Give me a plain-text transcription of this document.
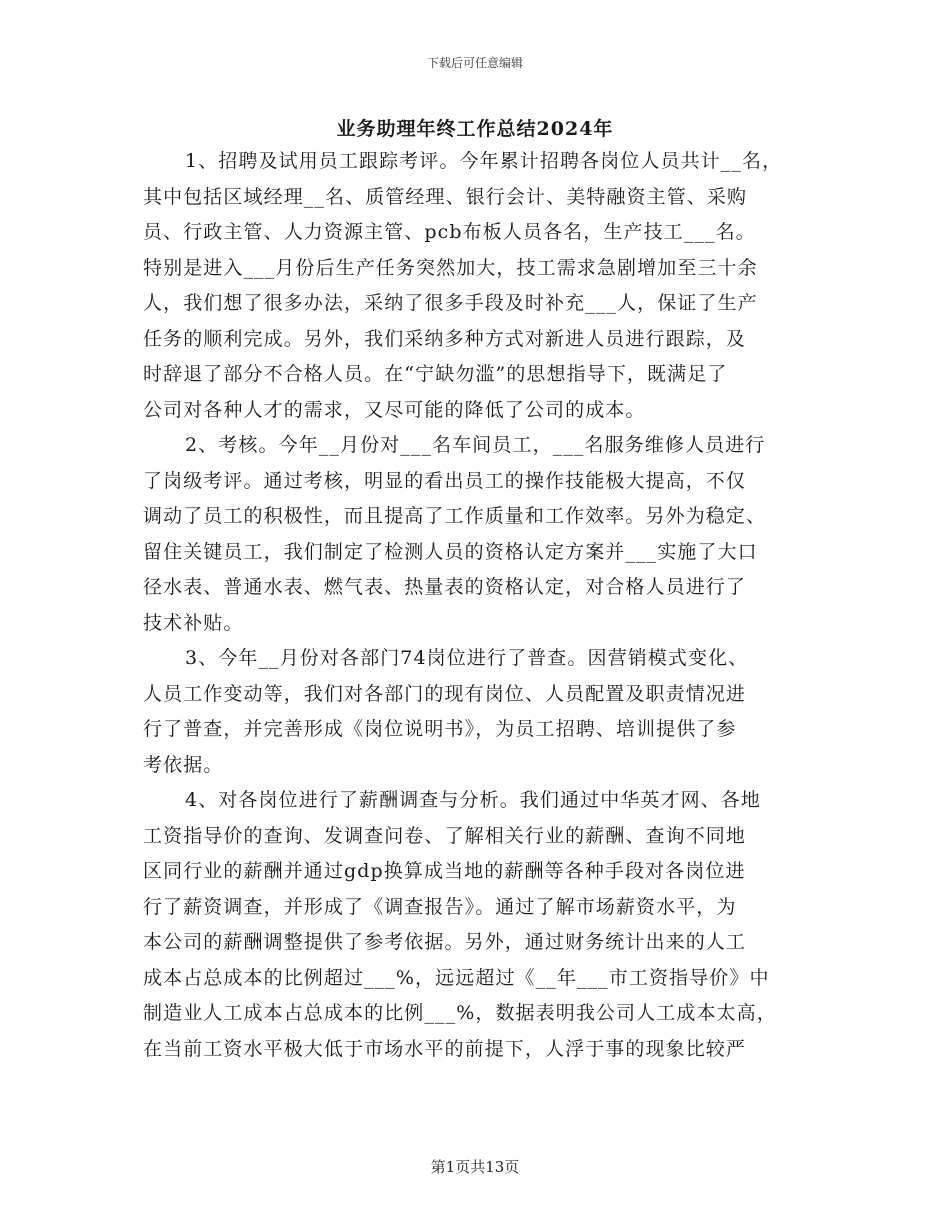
下载后可任意编辑
业务助理年终工作总结2024年

1、招聘及试用员工跟踪考评。今年累计招聘各岗位人员共计__名，
其中包括区域经理__名、质管经理、银行会计、美特融资主管、采购
员、行政主管、人力资源主管、pcb布板人员各名，生产技工___名。
特别是进入___月份后生产任务突然加大，技工需求急剧增加至三十余
人，我们想了很多办法，采纳了很多手段及时补充___人，保证了生产
任务的顺利完成。另外，我们采纳多种方式对新进人员进行跟踪，及
时辞退了部分不合格人员。在“宁缺勿滥”的思想指导下，既满足了
公司对各种人才的需求，又尽可能的降低了公司的成本。

2、考核。今年__月份对___名车间员工，___名服务维修人员进行
了岗级考评。通过考核，明显的看出员工的操作技能极大提高，不仅
调动了员工的积极性，而且提高了工作质量和工作效率。另外为稳定、
留住关键员工，我们制定了检测人员的资格认定方案并___实施了大口
径水表、普通水表、燃气表、热量表的资格认定，对合格人员进行了
技术补贴。

3、今年__月份对各部门74岗位进行了普查。因营销模式变化、
人员工作变动等，我们对各部门的现有岗位、人员配置及职责情况进
行了普查，并完善形成《岗位说明书》，为员工招聘、培训提供了参
考依据。

4、对各岗位进行了薪酬调查与分析。我们通过中华英才网、各地
工资指导价的查询、发调查问卷、了解相关行业的薪酬、查询不同地
区同行业的薪酬并通过gdp换算成当地的薪酬等各种手段对各岗位进
行了薪资调查，并形成了《调查报告》。通过了解市场薪资水平，为
本公司的薪酬调整提供了参考依据。另外，通过财务统计出来的人工
成本占总成本的比例超过___%，远远超过《__年___市工资指导价》中
制造业人工成本占总成本的比例___%，数据表明我公司人工成本太高，
在当前工资水平极大低于市场水平的前提下，人浮于事的现象比较严

第1页共13页
